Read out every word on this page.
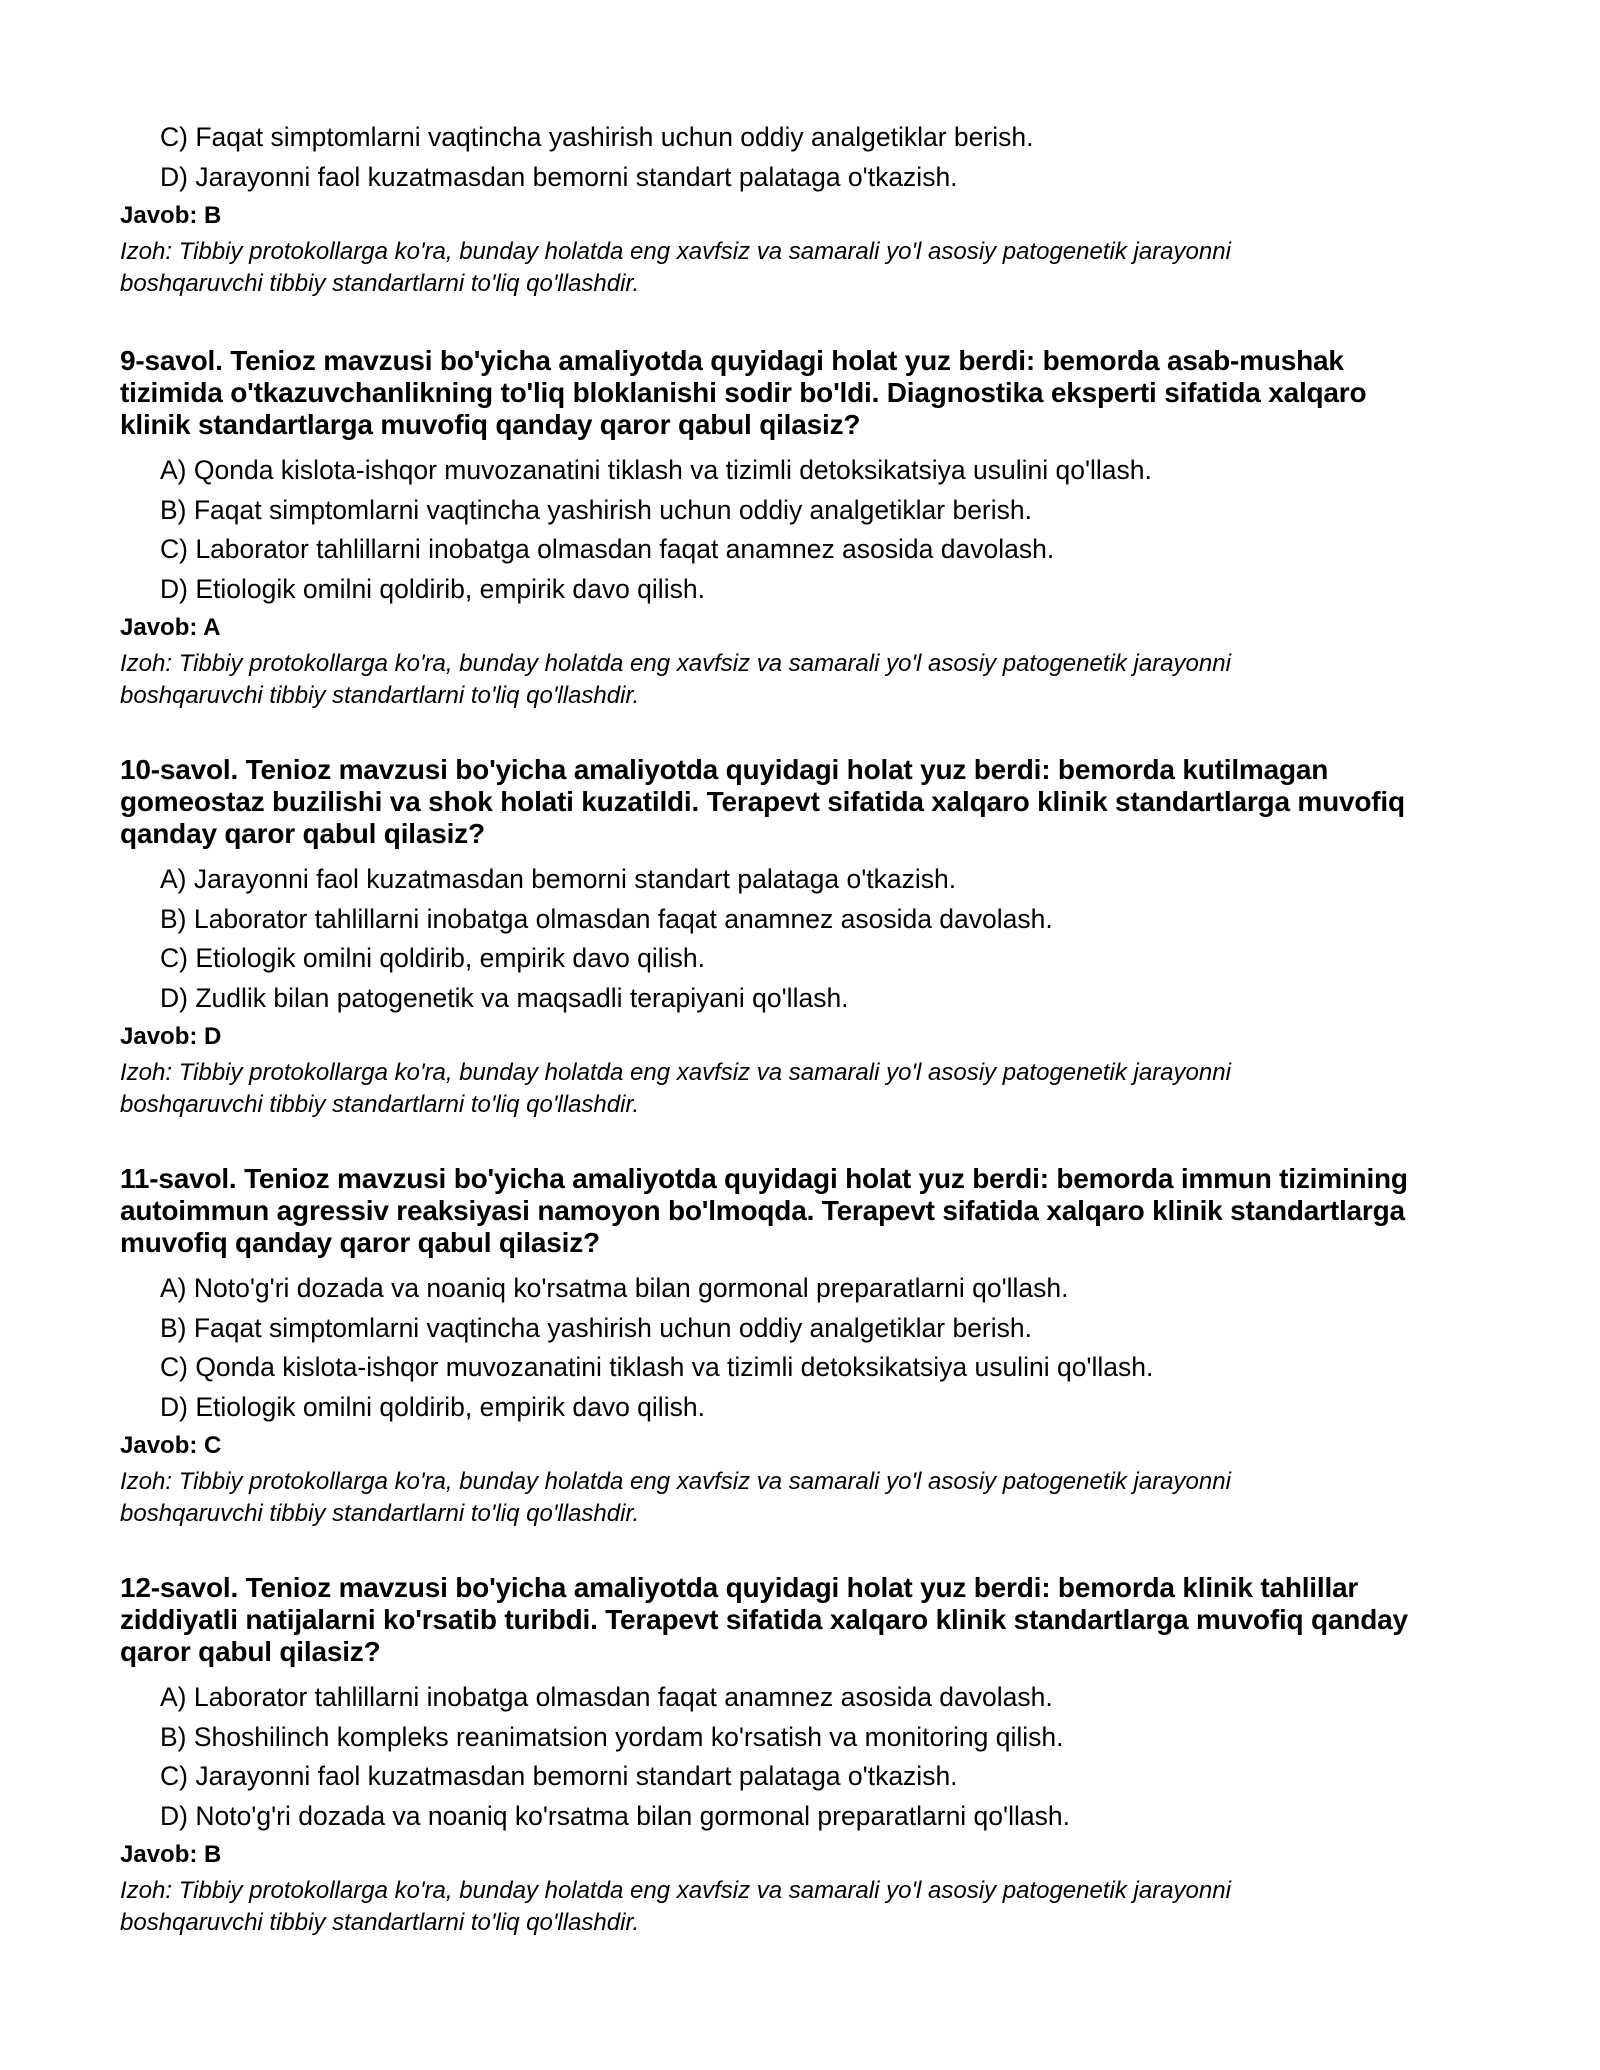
C) Faqat simptomlarni vaqtincha yashirish uchun oddiy analgetiklar berish.
D) Jarayonni faol kuzatmasdan bemorni standart palataga o'tkazish.
Javob: B
Izoh: Tibbiy protokollarga ko'ra, bunday holatda eng xavfsiz va samarali yo'l asosiy patogenetik jarayonni
boshqaruvchi tibbiy standartlarni to'liq qo'llashdir.
9-savol. Tenioz mavzusi bo'yicha amaliyotda quyidagi holat yuz berdi: bemorda asab-mushak
tizimida o'tkazuvchanlikning to'liq bloklanishi sodir bo'ldi. Diagnostika eksperti sifatida xalqaro
klinik standartlarga muvofiq qanday qaror qabul qilasiz?
A) Qonda kislota-ishqor muvozanatini tiklash va tizimli detoksikatsiya usulini qo'llash.
B) Faqat simptomlarni vaqtincha yashirish uchun oddiy analgetiklar berish.
C) Laborator tahlillarni inobatga olmasdan faqat anamnez asosida davolash.
D) Etiologik omilni qoldirib, empirik davo qilish.
Javob: A
Izoh: Tibbiy protokollarga ko'ra, bunday holatda eng xavfsiz va samarali yo'l asosiy patogenetik jarayonni
boshqaruvchi tibbiy standartlarni to'liq qo'llashdir.
10-savol. Tenioz mavzusi bo'yicha amaliyotda quyidagi holat yuz berdi: bemorda kutilmagan
gomeostaz buzilishi va shok holati kuzatildi. Terapevt sifatida xalqaro klinik standartlarga muvofiq
qanday qaror qabul qilasiz?
A) Jarayonni faol kuzatmasdan bemorni standart palataga o'tkazish.
B) Laborator tahlillarni inobatga olmasdan faqat anamnez asosida davolash.
C) Etiologik omilni qoldirib, empirik davo qilish.
D) Zudlik bilan patogenetik va maqsadli terapiyani qo'llash.
Javob: D
Izoh: Tibbiy protokollarga ko'ra, bunday holatda eng xavfsiz va samarali yo'l asosiy patogenetik jarayonni
boshqaruvchi tibbiy standartlarni to'liq qo'llashdir.
11-savol. Tenioz mavzusi bo'yicha amaliyotda quyidagi holat yuz berdi: bemorda immun tizimining
autoimmun agressiv reaksiyasi namoyon bo'lmoqda. Terapevt sifatida xalqaro klinik standartlarga
muvofiq qanday qaror qabul qilasiz?
A) Noto'g'ri dozada va noaniq ko'rsatma bilan gormonal preparatlarni qo'llash.
B) Faqat simptomlarni vaqtincha yashirish uchun oddiy analgetiklar berish.
C) Qonda kislota-ishqor muvozanatini tiklash va tizimli detoksikatsiya usulini qo'llash.
D) Etiologik omilni qoldirib, empirik davo qilish.
Javob: C
Izoh: Tibbiy protokollarga ko'ra, bunday holatda eng xavfsiz va samarali yo'l asosiy patogenetik jarayonni
boshqaruvchi tibbiy standartlarni to'liq qo'llashdir.
12-savol. Tenioz mavzusi bo'yicha amaliyotda quyidagi holat yuz berdi: bemorda klinik tahlillar
ziddiyatli natijalarni ko'rsatib turibdi. Terapevt sifatida xalqaro klinik standartlarga muvofiq qanday
qaror qabul qilasiz?
A) Laborator tahlillarni inobatga olmasdan faqat anamnez asosida davolash.
B) Shoshilinch kompleks reanimatsion yordam ko'rsatish va monitoring qilish.
C) Jarayonni faol kuzatmasdan bemorni standart palataga o'tkazish.
D) Noto'g'ri dozada va noaniq ko'rsatma bilan gormonal preparatlarni qo'llash.
Javob: B
Izoh: Tibbiy protokollarga ko'ra, bunday holatda eng xavfsiz va samarali yo'l asosiy patogenetik jarayonni
boshqaruvchi tibbiy standartlarni to'liq qo'llashdir.
